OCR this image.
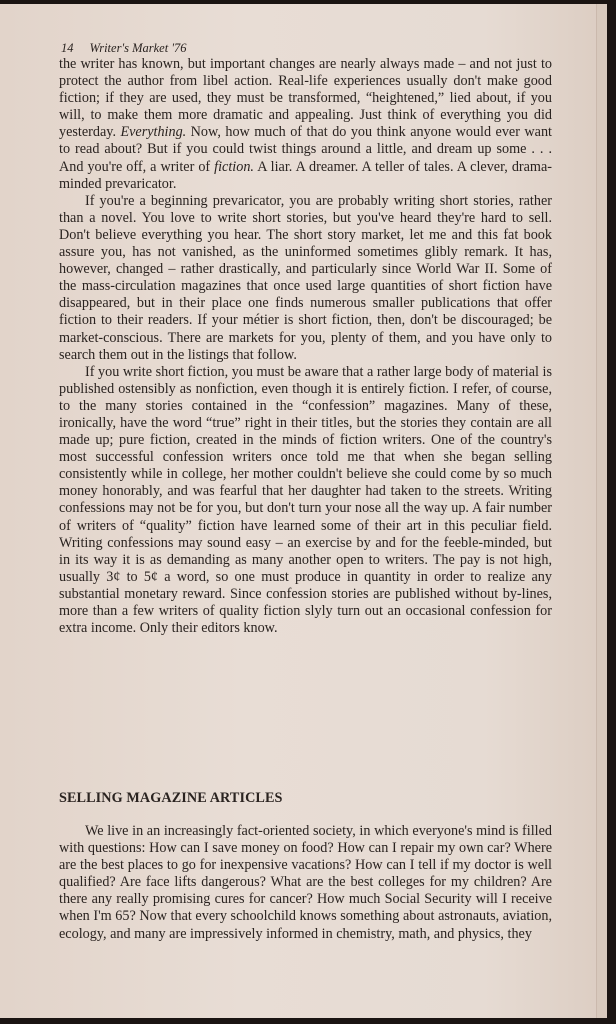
14 Writer's Market '76

the writer has known, but important changes are nearly always made – and not just to protect the author from libel action. Real-life experiences usually don't make good fiction; if they are used, they must be transformed, “heightened,” lied about, if you will, to make them more dramatic and appealing. Just think of everything you did yesterday. Everything. Now, how much of that do you think anyone would ever want to read about? But if you could twist things around a little, and dream up some . . . And you're off, a writer of fiction. A liar. A dreamer. A teller of tales. A clever, drama-minded prevaricator.

If you're a beginning prevaricator, you are probably writing short stories, rather than a novel. You love to write short stories, but you've heard they're hard to sell. Don't believe everything you hear. The short story market, let me and this fat book assure you, has not vanished, as the uninformed sometimes glibly remark. It has, however, changed – rather drastically, and particularly since World War II. Some of the mass-circulation magazines that once used large quantities of short fiction have disappeared, but in their place one finds numerous smaller publications that offer fiction to their readers. If your métier is short fiction, then, don't be discouraged; be market-conscious. There are markets for you, plenty of them, and you have only to search them out in the listings that follow.

If you write short fiction, you must be aware that a rather large body of material is published ostensibly as nonfiction, even though it is entirely fiction. I refer, of course, to the many stories contained in the “confession” magazines. Many of these, ironically, have the word “true” right in their titles, but the stories they contain are all made up; pure fiction, created in the minds of fiction writers. One of the country's most successful confession writers once told me that when she began selling consistently while in college, her mother couldn't believe she could come by so much money honorably, and was fearful that her daughter had taken to the streets. Writing confessions may not be for you, but don't turn your nose all the way up. A fair number of writers of “quality” fiction have learned some of their art in this peculiar field. Writing confessions may sound easy – an exercise by and for the feeble-minded, but in its way it is as demanding as many another open to writers. The pay is not high, usually 3¢ to 5¢ a word, so one must produce in quantity in order to realize any substantial monetary reward. Since confession stories are published without by-lines, more than a few writers of quality fiction slyly turn out an occasional confession for extra income. Only their editors know.

SELLING MAGAZINE ARTICLES

We live in an increasingly fact-oriented society, in which everyone's mind is filled with questions: How can I save money on food? How can I repair my own car? Where are the best places to go for inexpensive vacations? How can I tell if my doctor is well qualified? Are face lifts dangerous? What are the best colleges for my children? Are there any really promising cures for cancer? How much Social Security will I receive when I'm 65? Now that every schoolchild knows something about astronauts, aviation, ecology, and many are impressively informed in chemistry, math, and physics, they
